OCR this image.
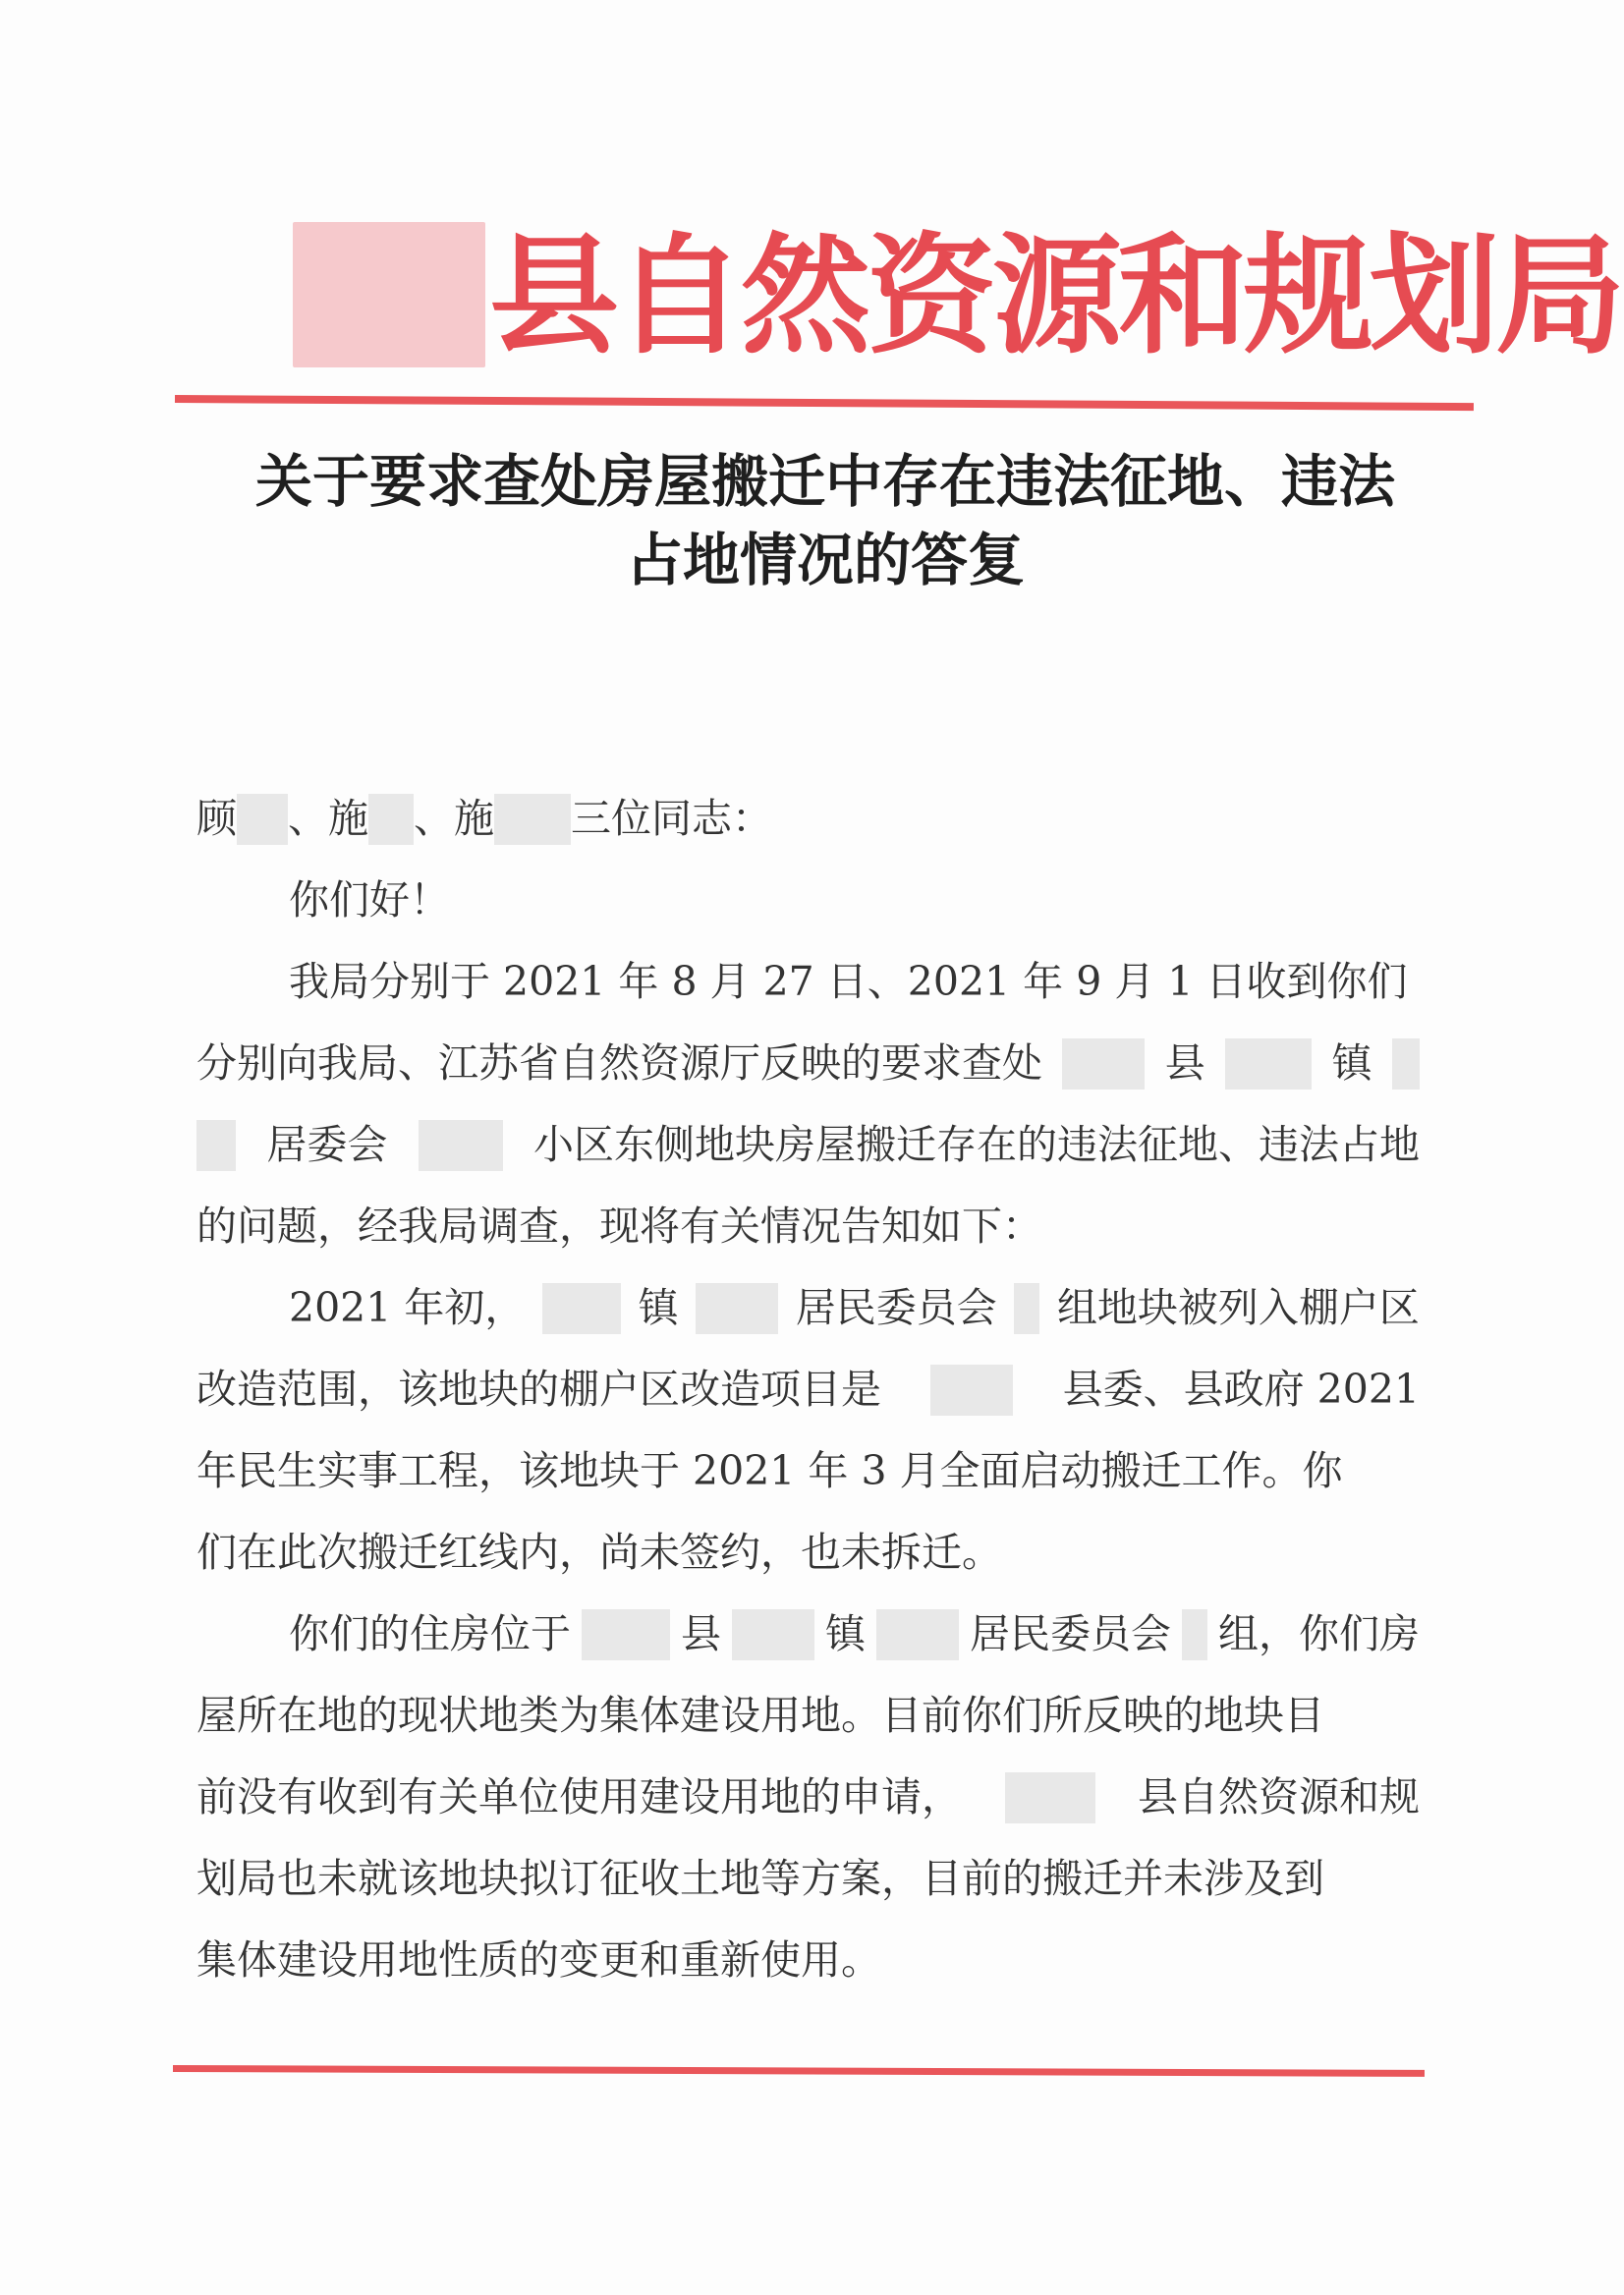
县自然资源和规划局
关于要求查处房屋搬迁中存在违法征地、违法
占地情况的答复
顾 、施 、施 三位同志：
你们好！
我局分别于 2021 年 8 月 27 日、2021 年 9 月 1 日收到你们
分别向我局、江苏省自然资源厅反映的要求查处	县	镇
居委会	小区东侧地块房屋搬迁存在的违法征地、违法占地
的问题，经我局调查，现将有关情况告知如下：
2021 年初，	镇	居民委员会 组地块被列入棚户区
改造范围，该地块的棚户区改造项目是	县委、县政府 2021
年民生实事工程，该地块于 2021 年 3 月全面启动搬迁工作。你
们在此次搬迁红线内，尚未签约，也未拆迁。
你们的住房位于	县	镇	居民委员会 组，你们房
屋所在地的现状地类为集体建设用地。目前你们所反映的地块目
前没有收到有关单位使用建设用地的申请，	县自然资源和规
划局也未就该地块拟订征收土地等方案，目前的搬迁并未涉及到
集体建设用地性质的变更和重新使用。
